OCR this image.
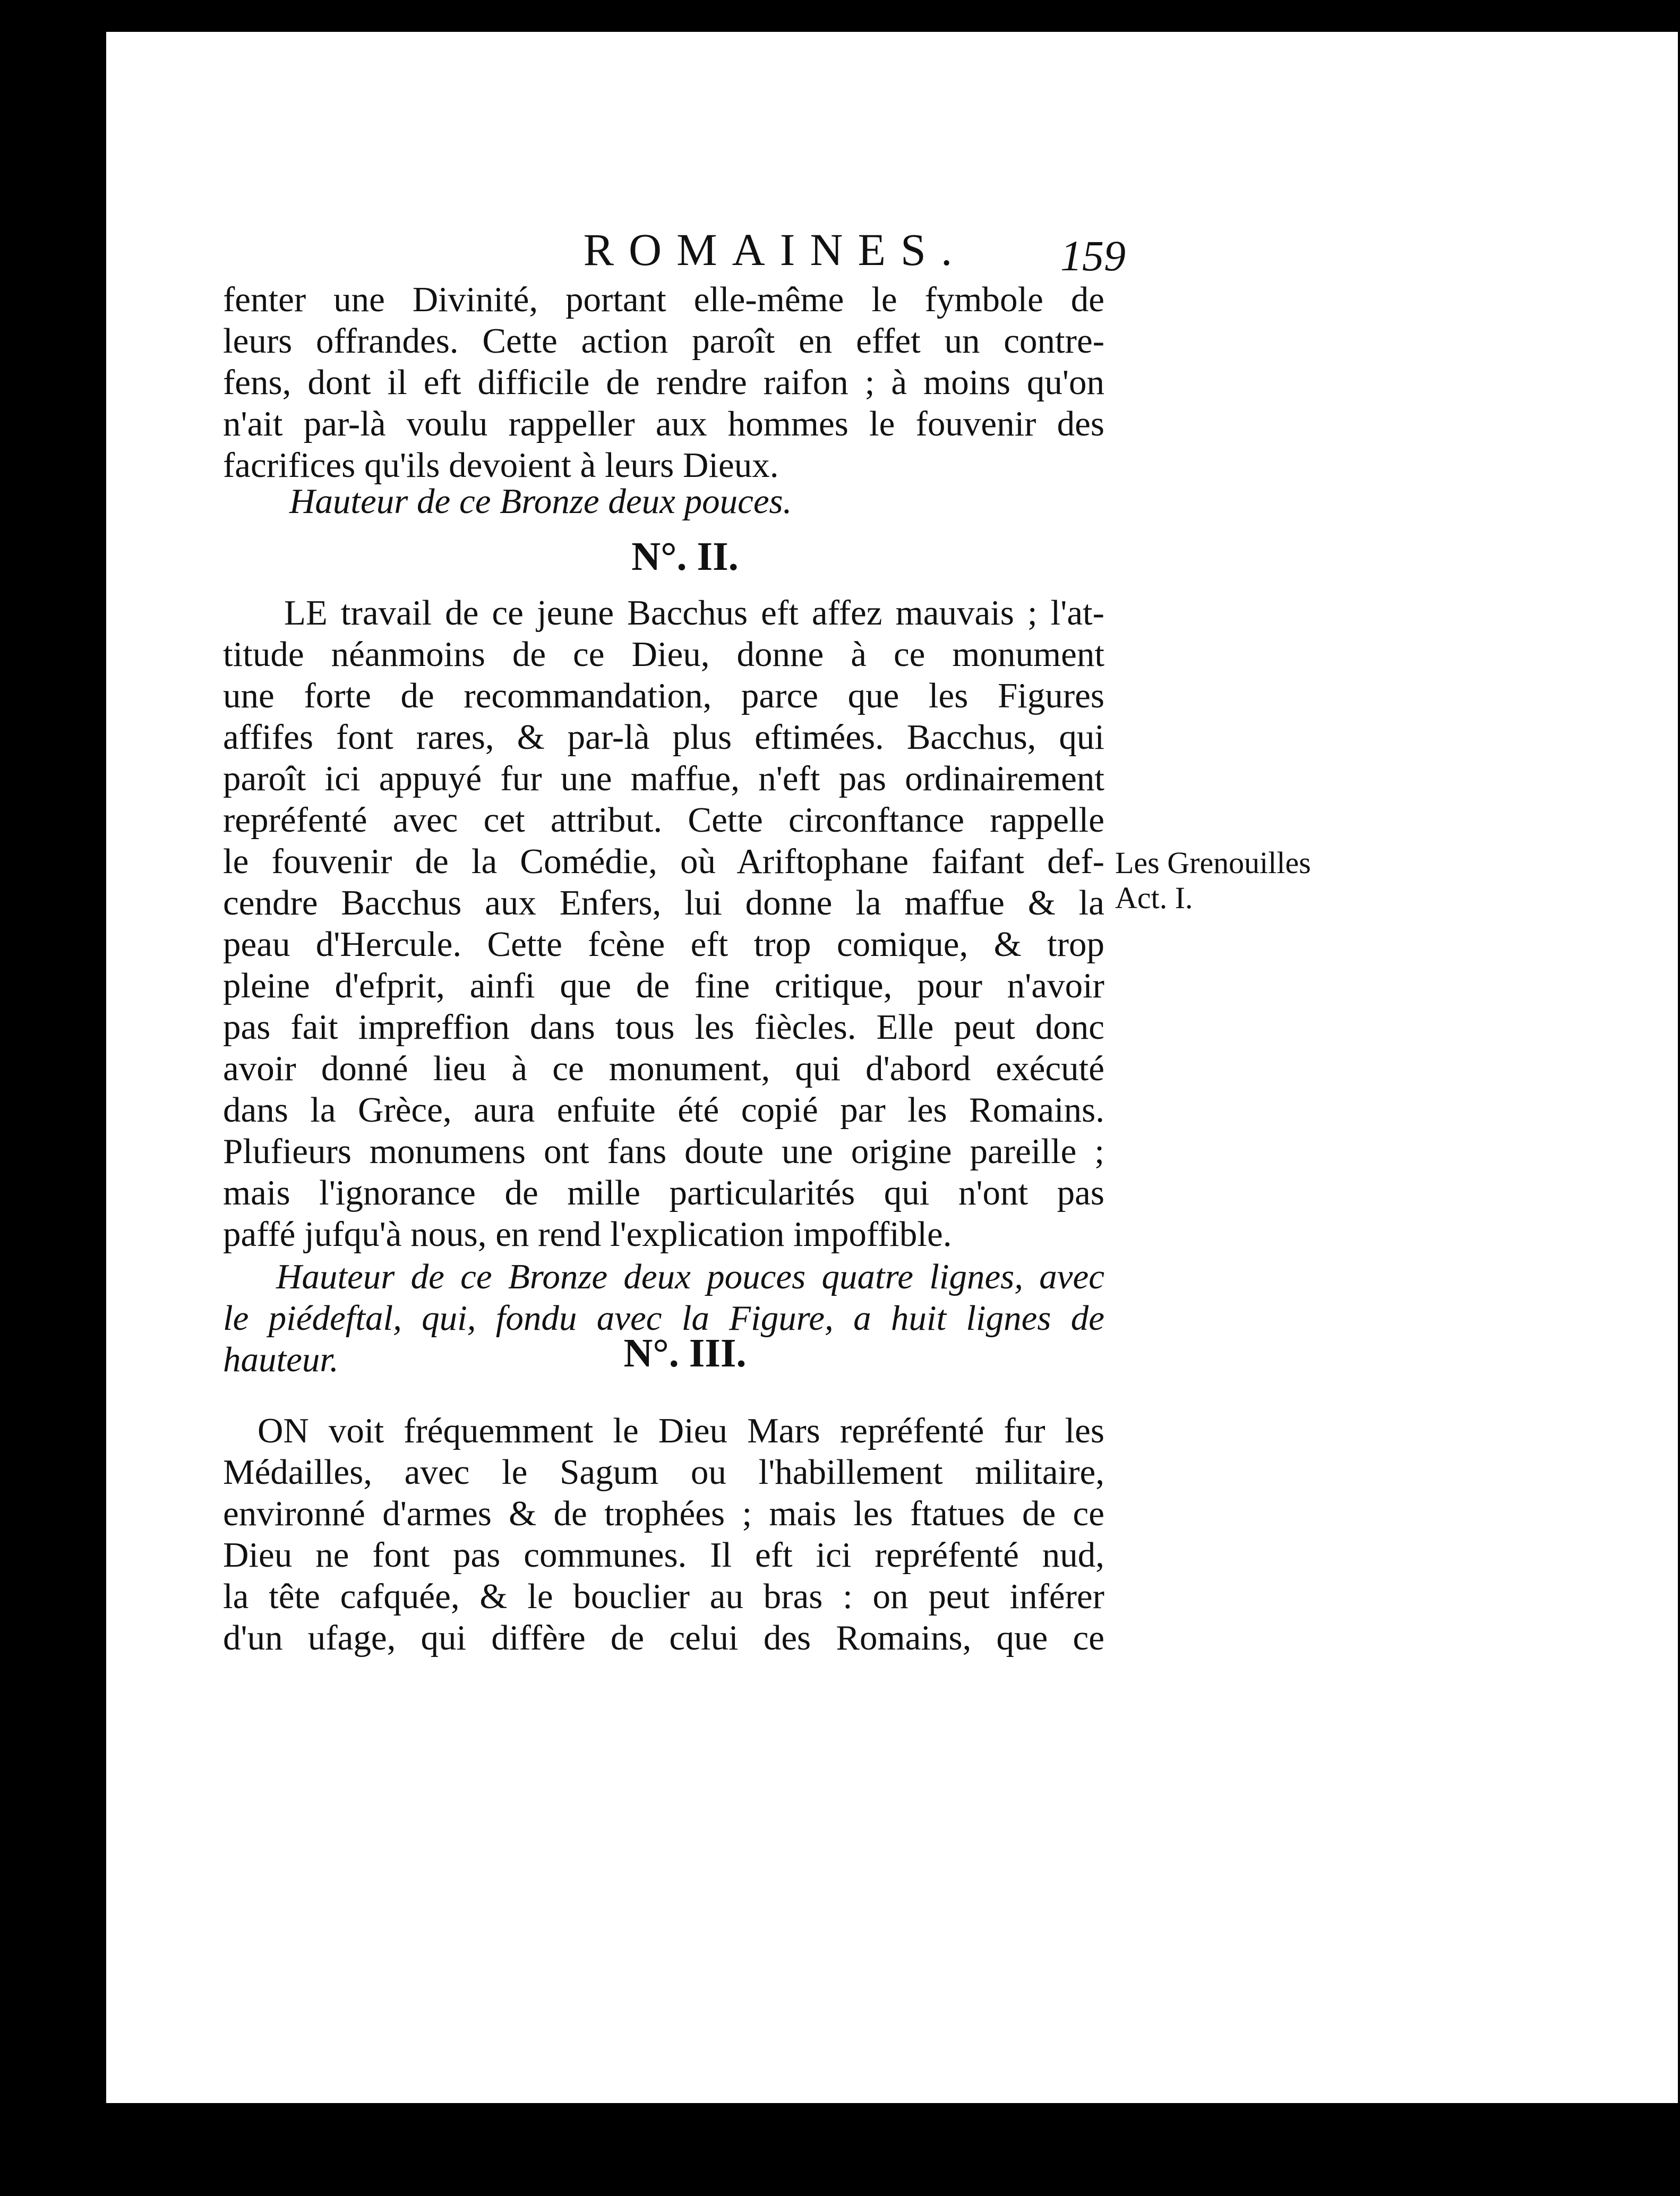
ROMAINES.	159
fenter une Divinité, portant elle-même le fymbole de
leurs offrandes. Cette action paroît en effet un contre-
fens, dont il eft difficile de rendre raifon ; à moins qu'on
n'ait par-là voulu rappeller aux hommes le fouvenir des
facrifices qu'ils devoient à leurs Dieux.
Hauteur de ce Bronze deux pouces.
N°. II.
LE travail de ce jeune Bacchus eft affez mauvais ; l'at-
titude néanmoins de ce Dieu, donne à ce monument
une forte de recommandation, parce que les Figures
affifes font rares, & par-là plus eftimées. Bacchus, qui
paroît ici appuyé fur une maffue, n'eft pas ordinairement
repréfenté avec cet attribut. Cette circonftance rappelle
le fouvenir de la Comédie, où Ariftophane faifant def-
cendre Bacchus aux Enfers, lui donne la maffue & la
peau d'Hercule. Cette fcène eft trop comique, & trop
pleine d'efprit, ainfi que de fine critique, pour n'avoir
pas fait impreffion dans tous les fiècles. Elle peut donc
avoir donné lieu à ce monument, qui d'abord exécuté
dans la Grèce, aura enfuite été copié par les Romains.
Plufieurs monumens ont fans doute une origine pareille ;
mais l'ignorance de mille particularités qui n'ont pas
paffé jufqu'à nous, en rend l'explication impoffible.
Hauteur de ce Bronze deux pouces quatre lignes, avec
le piédeftal, qui, fondu avec la Figure, a huit lignes de
hauteur.
Les Grenouilles
Act. I.
N°. III.
ON voit fréquemment le Dieu Mars repréfenté fur les
Médailles, avec le Sagum ou l'habillement militaire,
environné d'armes & de trophées ; mais les ftatues de ce
Dieu ne font pas communes. Il eft ici repréfenté nud,
la tête cafquée, & le bouclier au bras : on peut inférer
d'un ufage, qui diffère de celui des Romains, que ce
